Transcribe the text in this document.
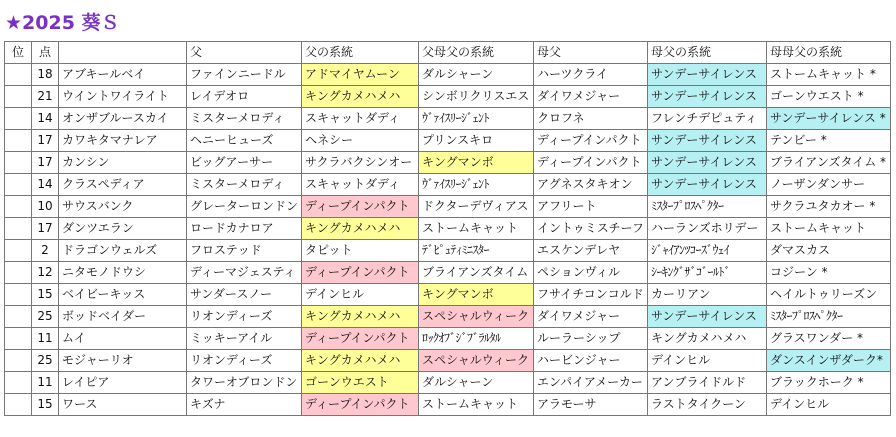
★2025 葵Ｓ
位	点		父	父の系統	父母父の系統	母父	母父の系統	母母父の系統
	18	アブキールベイ	ファインニードル	アドマイヤムーン	ダルシャーン	ハーツクライ	サンデーサイレンス	ストームキャット *
	21	ウイントワイライト	レイデオロ	キングカメハメハ	シンボリクリスエス	ダイワメジャー	サンデーサイレンス	ゴーンウエスト *
	14	オンザブルースカイ	ミスターメロディ	スキャットダディ	ｳﾞｧｲｽﾘｰｼﾞｪﾝﾄ	クロフネ	フレンチデピュティ	サンデーサイレンス *
	17	カワキタマナレア	ヘニーヒューズ	ヘネシー	プリンスキロ	ディープインパクト	サンデーサイレンス	テンビー *
	17	カンシン	ビッグアーサー	サクラバクシンオー	キングマンボ	ディープインパクト	サンデーサイレンス	ブライアンズタイム *
	14	クラスペディア	ミスターメロディ	スキャットダディ	ｳﾞｧｲｽﾘｰｼﾞｪﾝﾄ	アグネスタキオン	サンデーサイレンス	ノーザンダンサー
	10	サウスバンク	グレーターロンドン	ディープインパクト	ドクターデヴィアス	アフリート	ﾐｽﾀｰﾌﾟﾛｽﾍﾟｸﾀｰ	サクラユタカオー *
	17	ダンツエラン	ロードカナロア	キングカメハメハ	ストームキャット	イントゥミスチーフ	ハーランズホリデー	ストームキャット
	2	ドラゴンウェルズ	フロステッド	タピット	ﾃﾞﾋﾟｭﾃｨﾐﾆｽﾀｰ	エスケンデレヤ	ｼﾞｬｲｱﾝﾂｺｰｽﾞｳｪｲ	ダマスカス
	12	ニタモノドウシ	ディーマジェスティ	ディープインパクト	ブライアンズタイム	ペションヴィル	ｼｰｷﾝｸﾞｻﾞｺﾞｰﾙﾄﾞ	コジーン *
	15	ベイビーキッス	サンダースノー	デインヒル	キングマンボ	フサイチコンコルド	カーリアン	ヘイルトゥリーズン
	25	ボッドベイダー	リオンディーズ	キングカメハメハ	スペシャルウィーク	ダイワメジャー	サンデーサイレンス	ﾐｽﾀｰﾌﾟﾛｽﾍﾟｸﾀｰ
	11	ムイ	ミッキーアイル	ディープインパクト	ﾛｯｸｵﾌﾞｼﾞﾌﾞﾗﾙﾀﾙ	ルーラーシップ	キングカメハメハ	グラスワンダー *
	25	モジャーリオ	リオンディーズ	キングカメハメハ	スペシャルウィーク	ハービンジャー	デインヒル	ダンスインザダーク*
	11	レイピア	タワーオブロンドン	ゴーンウエスト	ダルシャーン	エンパイアメーカー	アンブライドルド	ブラックホーク *
	15	ワース	キズナ	ディープインパクト	ストームキャット	アラモーサ	ラストタイクーン	デインヒル
